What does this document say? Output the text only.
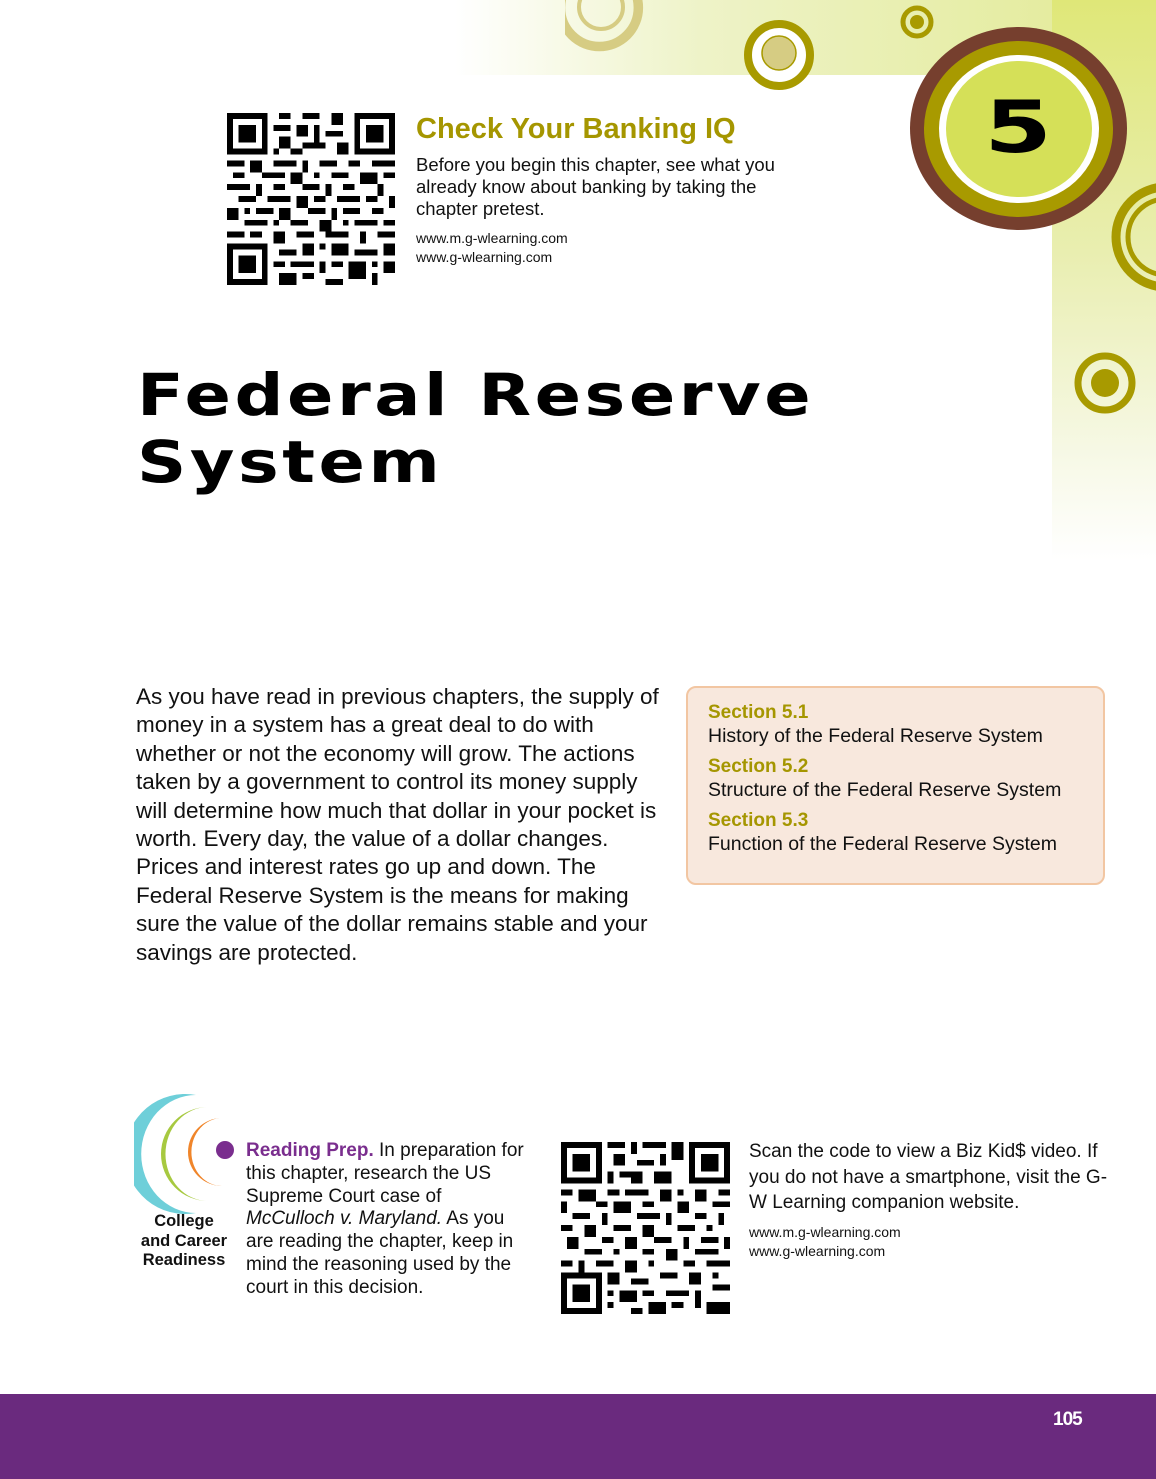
5
Check Your Banking IQ
Before you begin this chapter, see what you already know about banking by taking the chapter pretest.
www.m.g-wlearning.com
www.g-wlearning.com
Federal Reserve
System

As you have read in previous chapters, the supply of money in a system has a great deal to do with whether or not the economy will grow. The actions taken by a government to control its money supply will determine how much that dollar in your pocket is worth. Every day, the value of a dollar changes. Prices and interest rates go up and down. The Federal Reserve System is the means for making sure the value of the dollar remains stable and your savings are protected.

Section 5.1
History of the Federal Reserve System
Section 5.2
Structure of the Federal Reserve System
Section 5.3
Function of the Federal Reserve System
College
and Career
Readiness

Reading Prep. In preparation for this chapter, research the US Supreme Court case of McCulloch v. Maryland. As you are reading the chapter, keep in mind the reasoning used by the court in this decision.

Scan the code to view a Biz Kid$ video. If you do not have a smartphone, visit the G-W Learning companion website.
www.m.g-wlearning.com
www.g-wlearning.com
105
